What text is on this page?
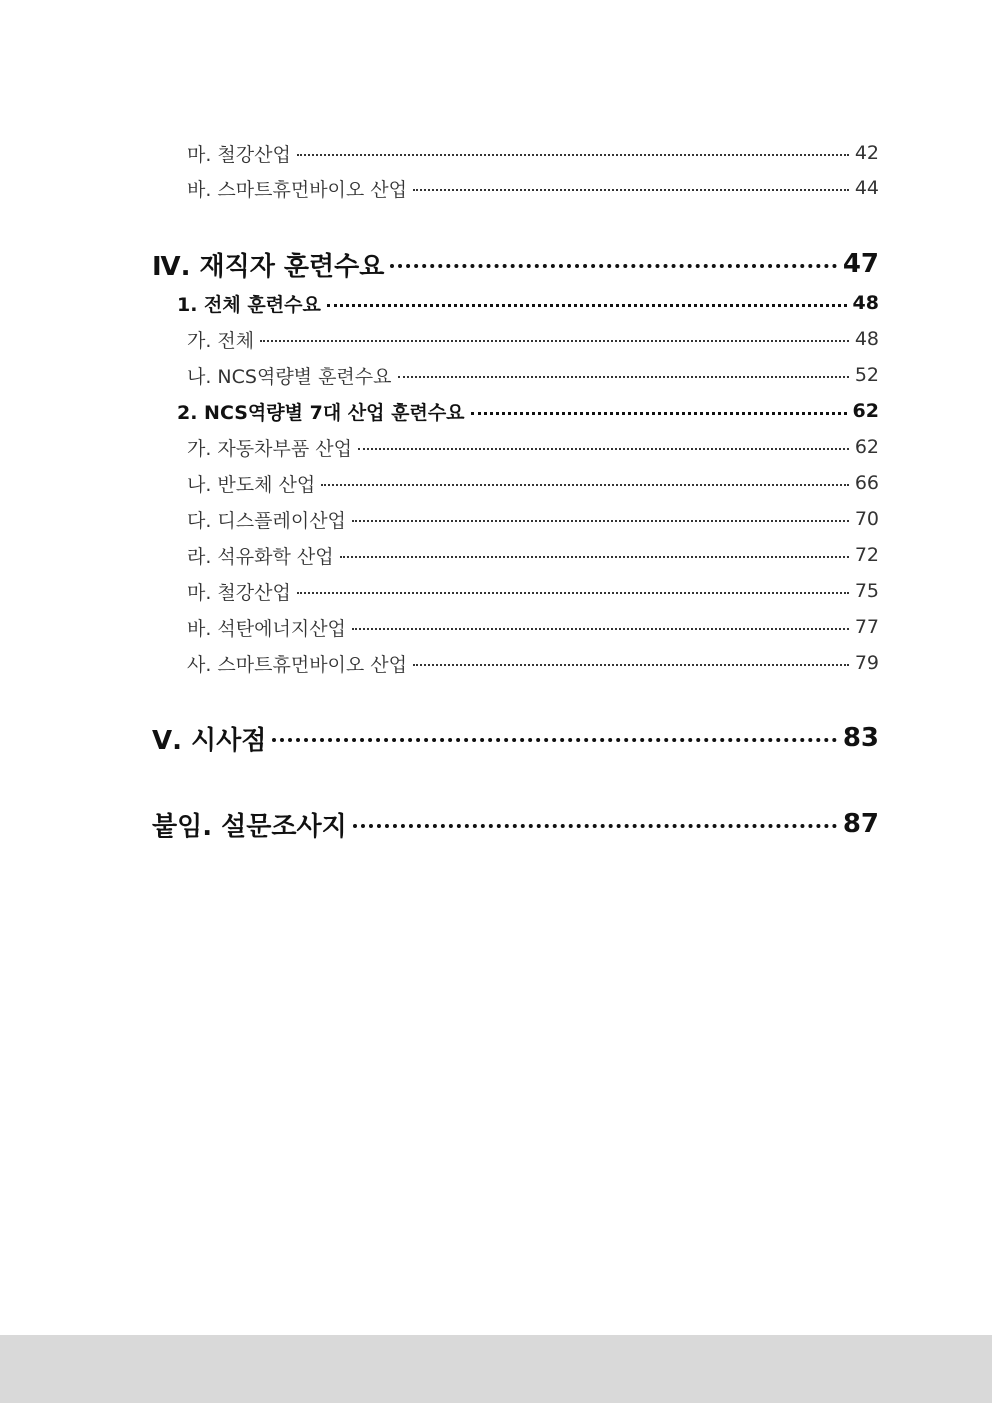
마. 철강산업	42
바. 스마트휴먼바이오 산업	44
Ⅳ. 재직자 훈련수요	47
1. 전체 훈련수요	48
가. 전체	48
나. NCS역량별 훈련수요	52
2. NCS역량별 7대 산업 훈련수요	62
가. 자동차부품 산업	62
나. 반도체 산업	66
다. 디스플레이산업	70
라. 석유화학 산업	72
마. 철강산업	75
바. 석탄에너지산업	77
사. 스마트휴먼바이오 산업	79
Ⅴ. 시사점	83
붙임. 설문조사지	87
